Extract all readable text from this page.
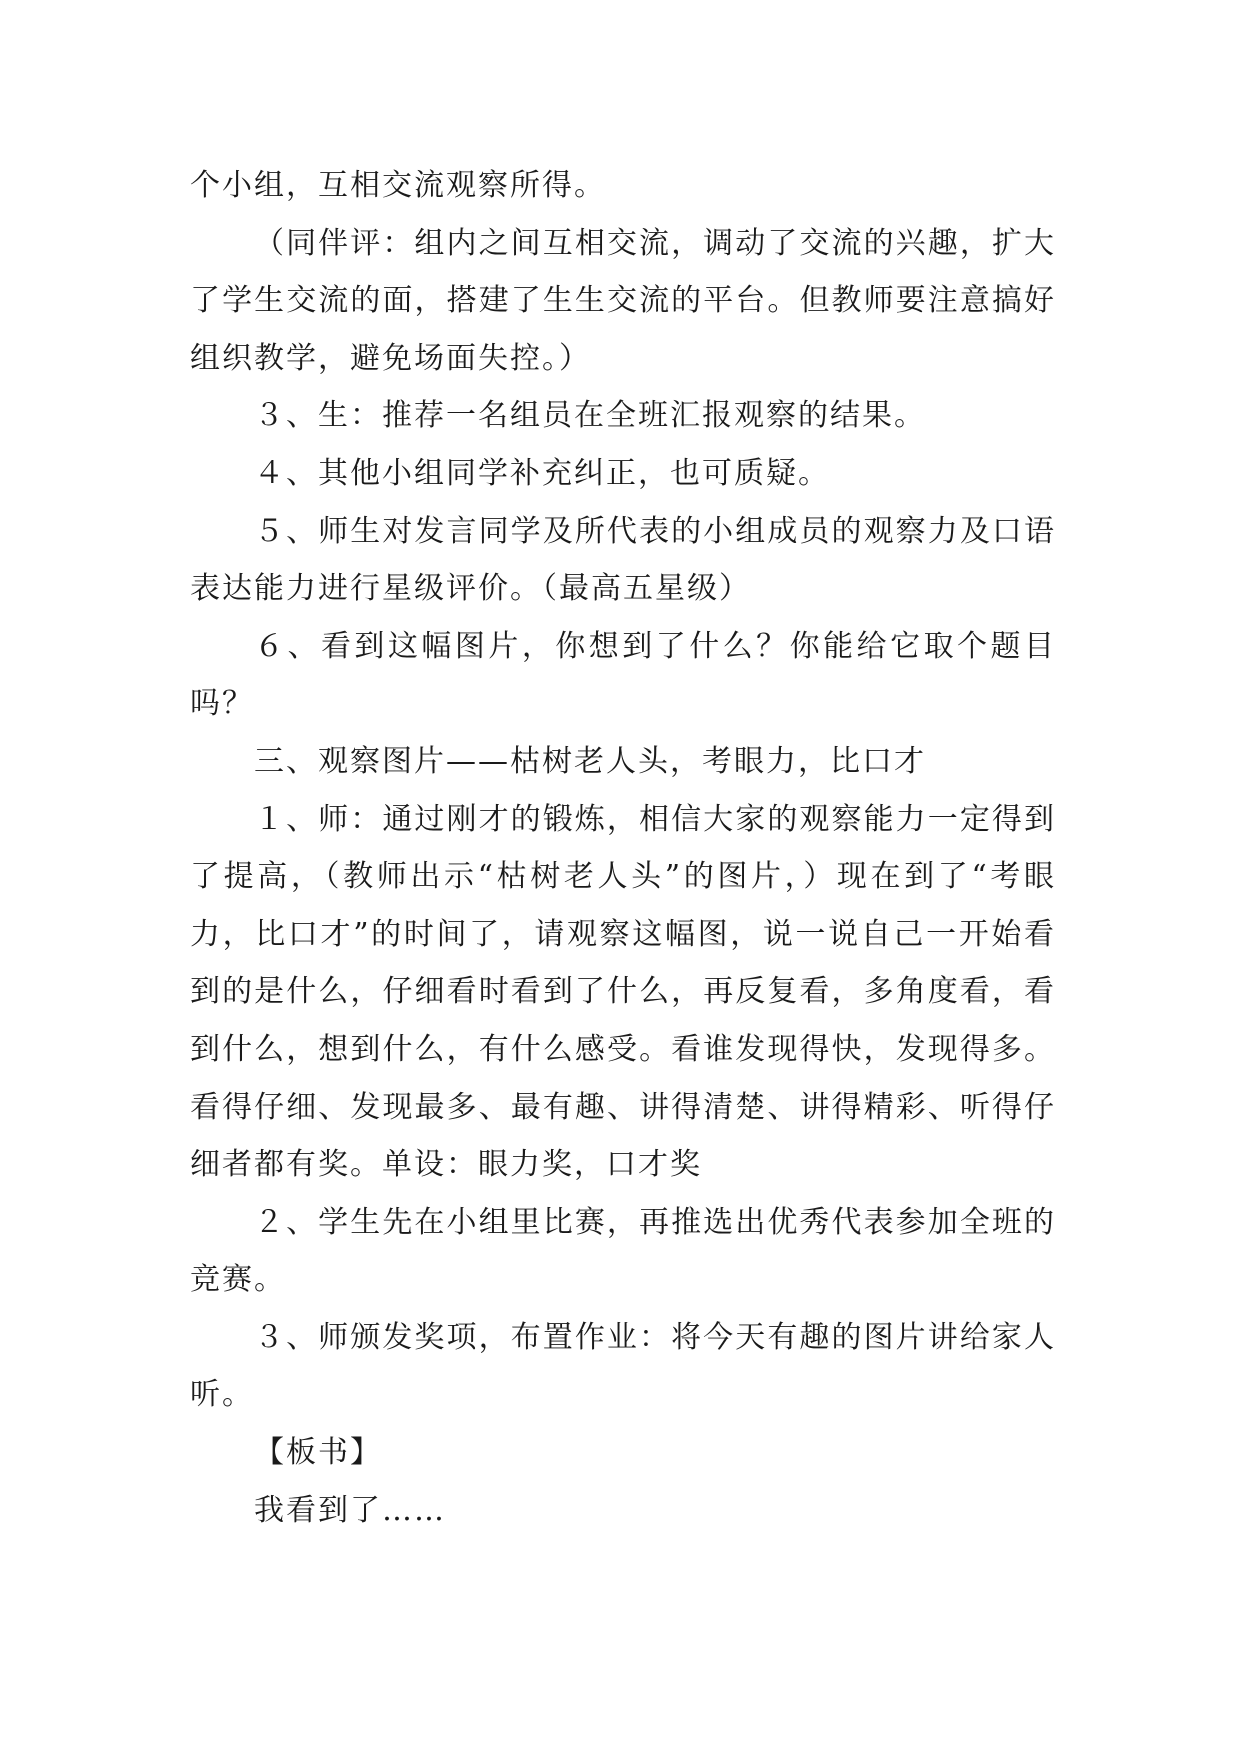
个小组，互相交流观察所得。

（同伴评：组内之间互相交流，调动了交流的兴趣，扩大了学生交流的面，搭建了生生交流的平台。但教师要注意搞好组织教学，避免场面失控。）

３、生：推荐一名组员在全班汇报观察的结果。

４、其他小组同学补充纠正，也可质疑。

５、师生对发言同学及所代表的小组成员的观察力及口语表达能力进行星级评价。（最高五星级）

６、看到这幅图片，你想到了什么？你能给它取个题目吗？

三、观察图片——枯树老人头，考眼力，比口才

１、师：通过刚才的锻炼，相信大家的观察能力一定得到了提高，（教师出示“枯树老人头”的图片，）现在到了“考眼力，比口才”的时间了，请观察这幅图，说一说自己一开始看到的是什么，仔细看时看到了什么，再反复看，多角度看，看到什么，想到什么，有什么感受。看谁发现得快，发现得多。看得仔细、发现最多、最有趣、讲得清楚、讲得精彩、听得仔细者都有奖。单设：眼力奖，口才奖

２、学生先在小组里比赛，再推选出优秀代表参加全班的竞赛。

３、师颁发奖项，布置作业：将今天有趣的图片讲给家人听。

【板书】

我看到了……
